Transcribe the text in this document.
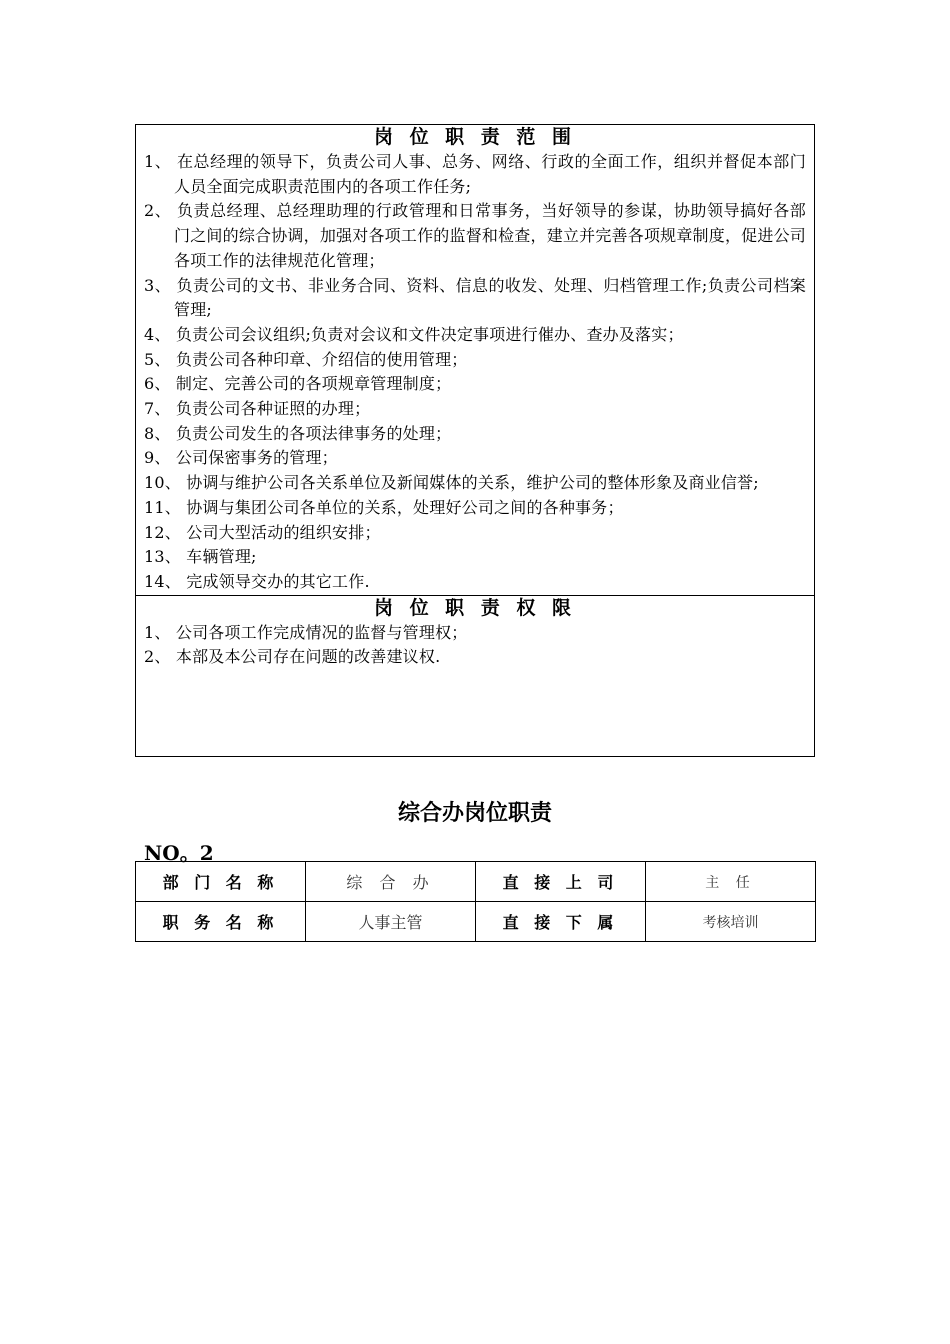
岗 位 职 责 范 围
1、 在总经理的领导下，负责公司人事、总务、网络、行政的全面工作，组织并督促本部门人员全面完成职责范围内的各项工作任务;
2、 负责总经理、总经理助理的行政管理和日常事务，当好领导的参谋，协助领导搞好各部门之间的综合协调，加强对各项工作的监督和检查，建立并完善各项规章制度，促进公司各项工作的法律规范化管理；
3、 负责公司的文书、非业务合同、资料、信息的收发、处理、归档管理工作;负责公司档案管理;
4、 负责公司会议组织;负责对会议和文件决定事项进行催办、查办及落实；
5、 负责公司各种印章、介绍信的使用管理；
6、 制定、完善公司的各项规章管理制度；
7、 负责公司各种证照的办理；
8、 负责公司发生的各项法律事务的处理；
9、 公司保密事务的管理；
10、 协调与维护公司各关系单位及新闻媒体的关系，维护公司的整体形象及商业信誉;
11、 协调与集团公司各单位的关系，处理好公司之间的各种事务；
12、 公司大型活动的组织安排；
13、 车辆管理;
14、 完成领导交办的其它工作.
岗 位 职 责 权 限
1、 公司各项工作完成情况的监督与管理权；
2、 本部及本公司存在问题的改善建议权.
综合办岗位职责
NO。2
部 门 名 称	综 合 办	直 接 上 司	主 任
职 务 名 称	人事主管	直 接 下 属	考核培训
